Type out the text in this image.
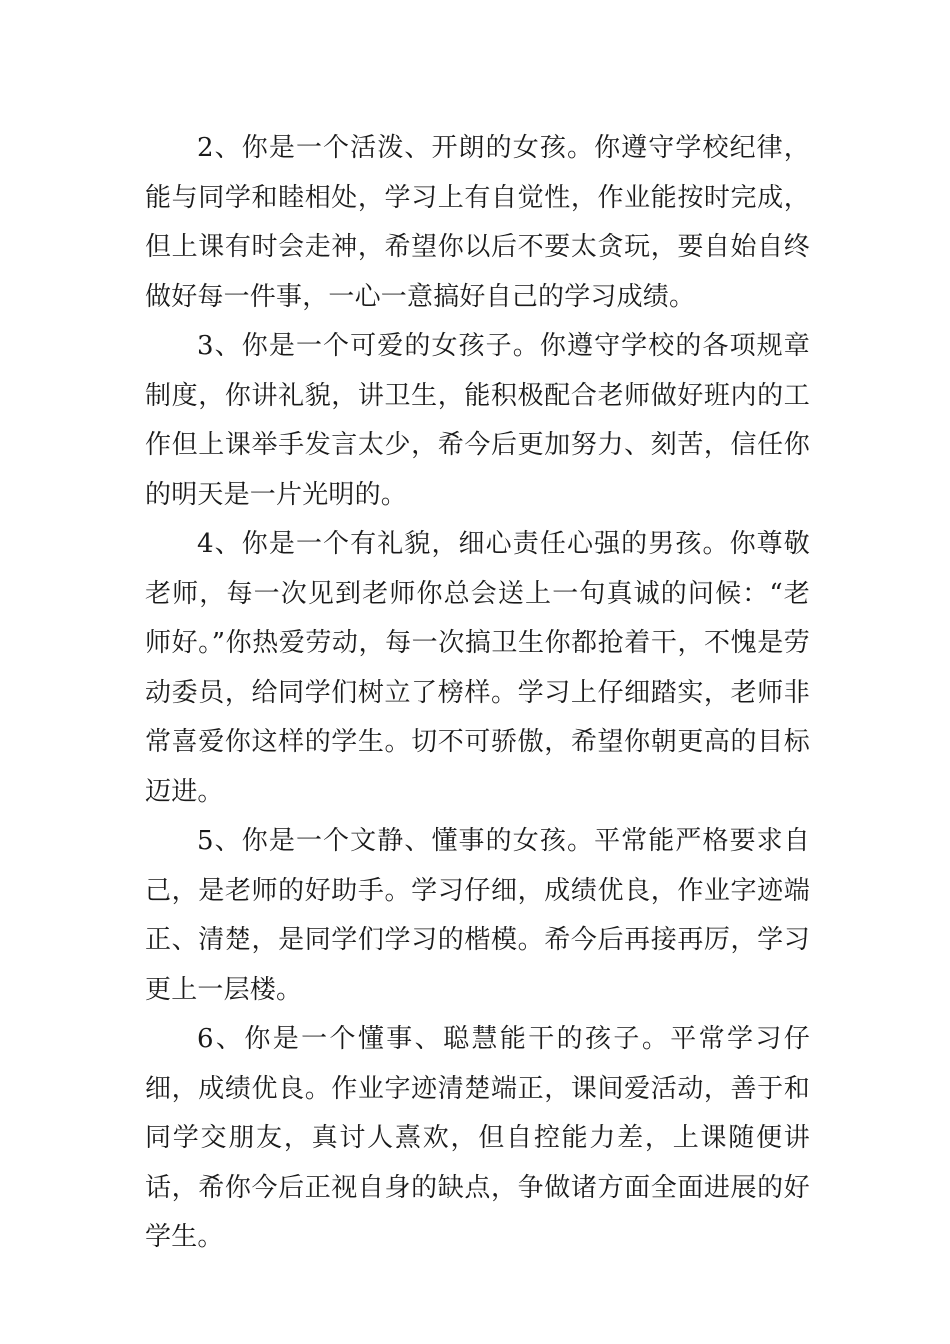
2、你是一个活泼、开朗的女孩。你遵守学校纪律，能与同学和睦相处，学习上有自觉性，作业能按时完成，但上课有时会走神，希望你以后不要太贪玩，要自始自终做好每一件事，一心一意搞好自己的学习成绩。

3、你是一个可爱的女孩子。你遵守学校的各项规章制度，你讲礼貌，讲卫生，能积极配合老师做好班内的工作但上课举手发言太少，希今后更加努力、刻苦，信任你的明天是一片光明的。

4、你是一个有礼貌，细心责任心强的男孩。你尊敬老师，每一次见到老师你总会送上一句真诚的问候：“老师好。”你热爱劳动，每一次搞卫生你都抢着干，不愧是劳动委员，给同学们树立了榜样。学习上仔细踏实，老师非常喜爱你这样的学生。切不可骄傲，希望你朝更高的目标迈进。

5、你是一个文静、懂事的女孩。平常能严格要求自己，是老师的好助手。学习仔细，成绩优良，作业字迹端正、清楚，是同学们学习的楷模。希今后再接再厉，学习更上一层楼。

6、你是一个懂事、聪慧能干的孩子。平常学习仔细，成绩优良。作业字迹清楚端正，课间爱活动，善于和同学交朋友，真讨人熹欢，但自控能力差，上课随便讲话，希你今后正视自身的缺点，争做诸方面全面进展的好学生。
